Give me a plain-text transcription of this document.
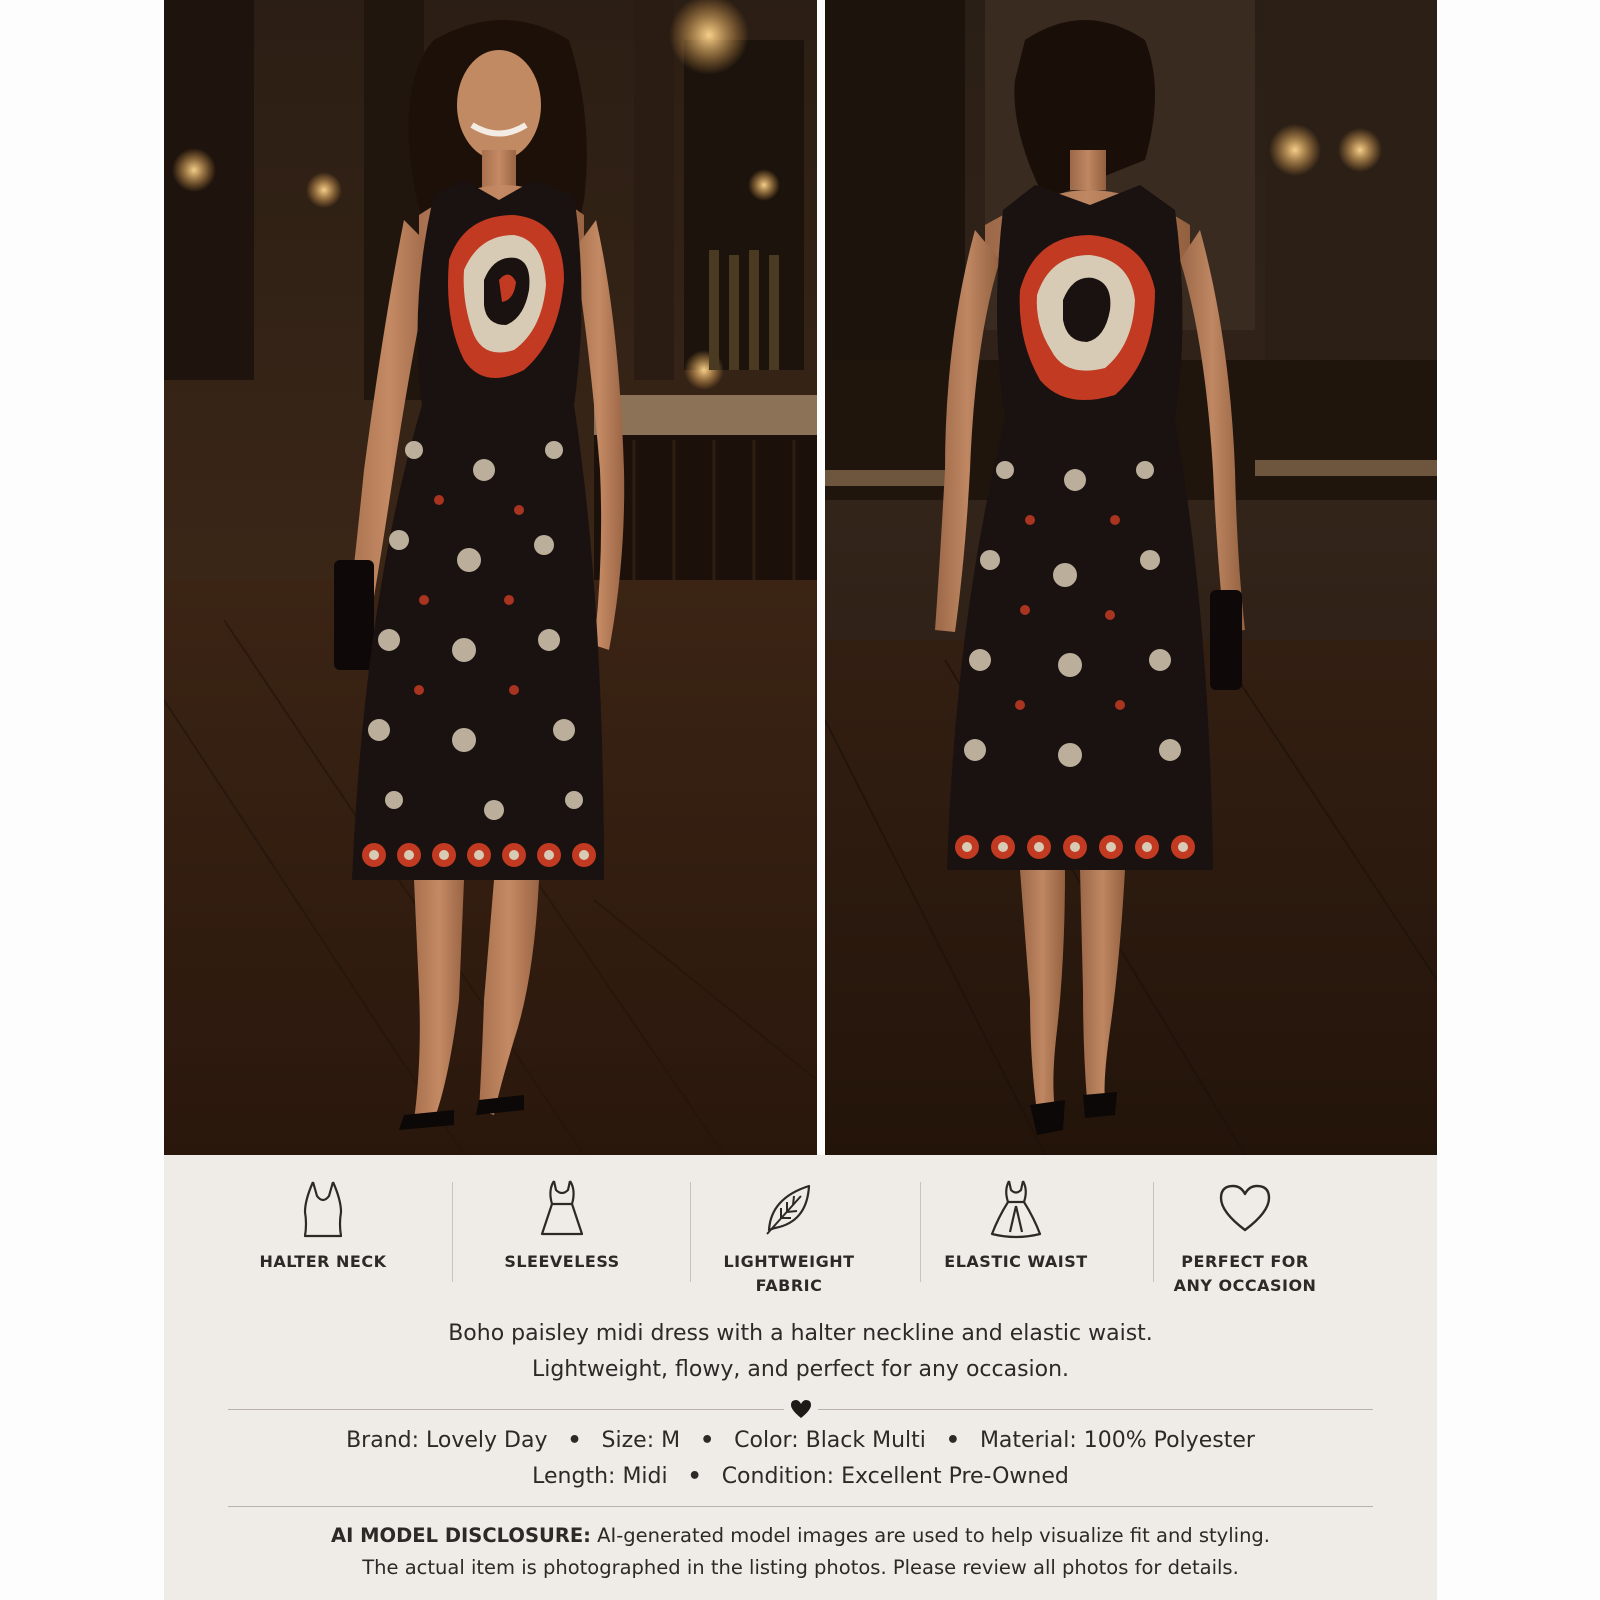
HALTER NECK	SLEEVELESS	LIGHTWEIGHT
FABRIC
ELASTIC WAIST	PERFECT FOR
ANY OCCASION
Boho paisley midi dress with a halter neckline and elastic waist.
Lightweight, flowy, and perfect for any occasion.
Brand: Lovely Day • Size: M • Color: Black Multi • Material: 100% Polyester
Length: Midi • Condition: Excellent Pre-Owned
AI MODEL DISCLOSURE: AI-generated model images are used to help visualize fit and styling.
The actual item is photographed in the listing photos. Please review all photos for details.
